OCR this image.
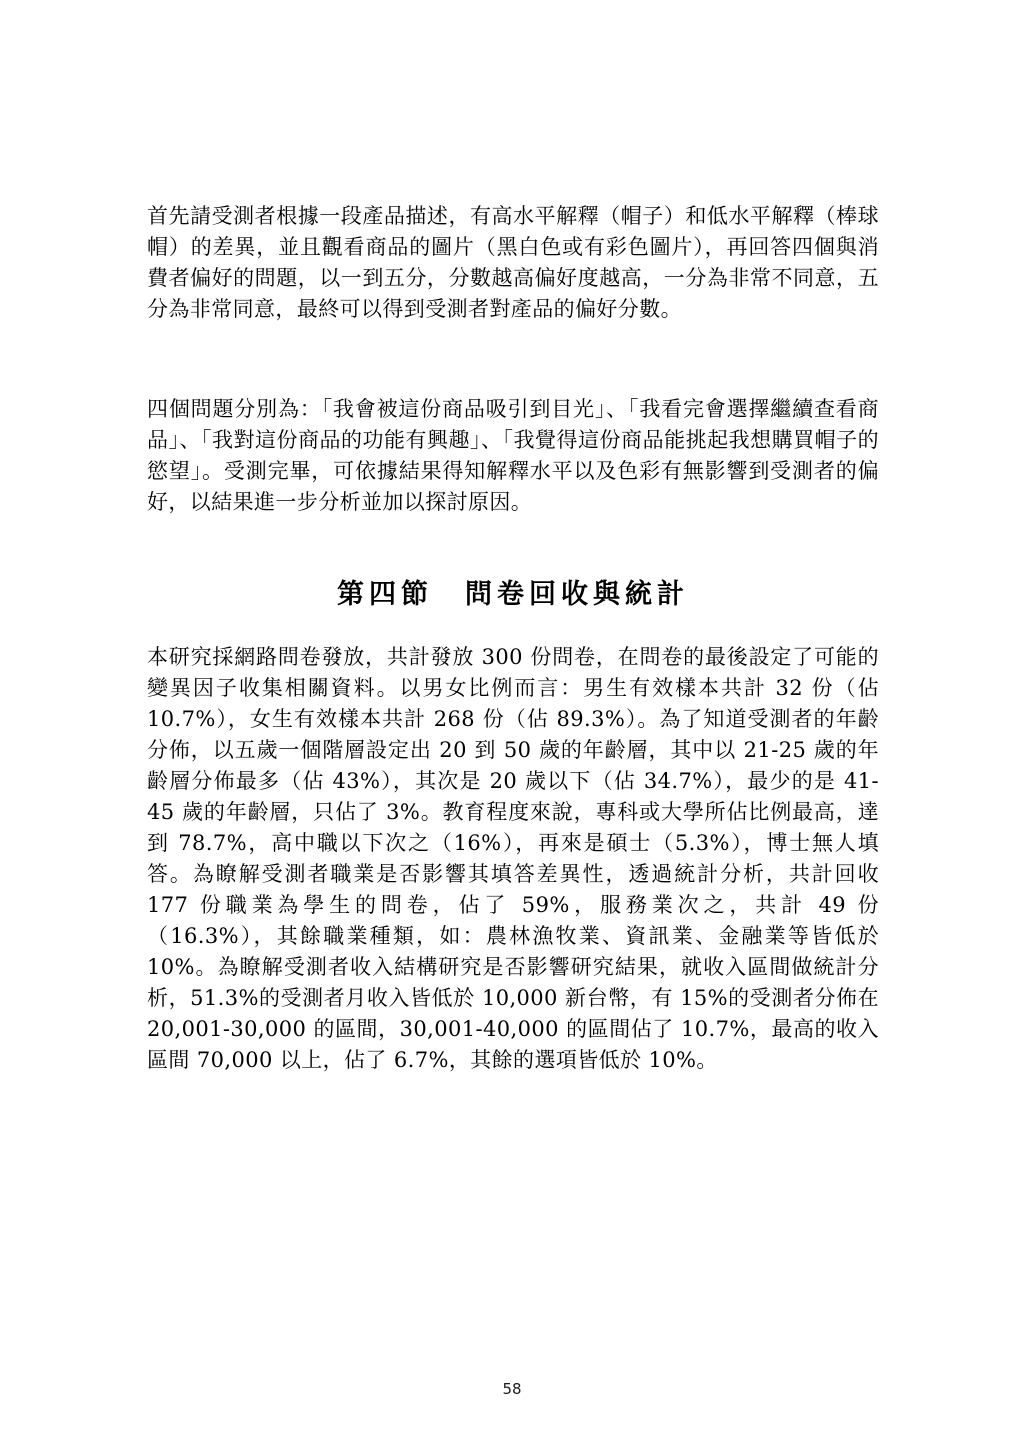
首先請受測者根據一段產品描述，有高水平解釋（帽子）和低水平解釋（棒球帽）的差異，並且觀看商品的圖片（黑白色或有彩色圖片），再回答四個與消費者偏好的問題，以一到五分，分數越高偏好度越高，一分為非常不同意，五分為非常同意，最終可以得到受測者對產品的偏好分數。

四個問題分別為：「我會被這份商品吸引到目光」、「我看完會選擇繼續查看商品」、「我對這份商品的功能有興趣」、「我覺得這份商品能挑起我想購買帽子的慾望」。受測完畢，可依據結果得知解釋水平以及色彩有無影響到受測者的偏好，以結果進一步分析並加以探討原因。

第四節　問卷回收與統計

本研究採網路問卷發放，共計發放 300 份問卷，在問卷的最後設定了可能的變異因子收集相關資料。以男女比例而言：男生有效樣本共計 32 份（佔 10.7%），女生有效樣本共計 268 份（佔 89.3%）。為了知道受測者的年齡分佈，以五歲一個階層設定出 20 到 50 歲的年齡層，其中以 21-25 歲的年齡層分佈最多（佔 43%），其次是 20 歲以下（佔 34.7%），最少的是 41-45 歲的年齡層，只佔了 3%。教育程度來說，專科或大學所佔比例最高，達到 78.7%，高中職以下次之（16%），再來是碩士（5.3%），博士無人填答。為瞭解受測者職業是否影響其填答差異性，透過統計分析，共計回收 177 份職業為學生的問卷，佔了 59%，服務業次之，共計 49 份（16.3%），其餘職業種類，如：農林漁牧業、資訊業、金融業等皆低於 10%。為瞭解受測者收入結構研究是否影響研究結果，就收入區間做統計分析，51.3%的受測者月收入皆低於 10,000 新台幣，有 15%的受測者分佈在 20,001-30,000 的區間，30,001-40,000 的區間佔了 10.7%，最高的收入區間 70,000 以上，佔了 6.7%，其餘的選項皆低於 10%。

58
